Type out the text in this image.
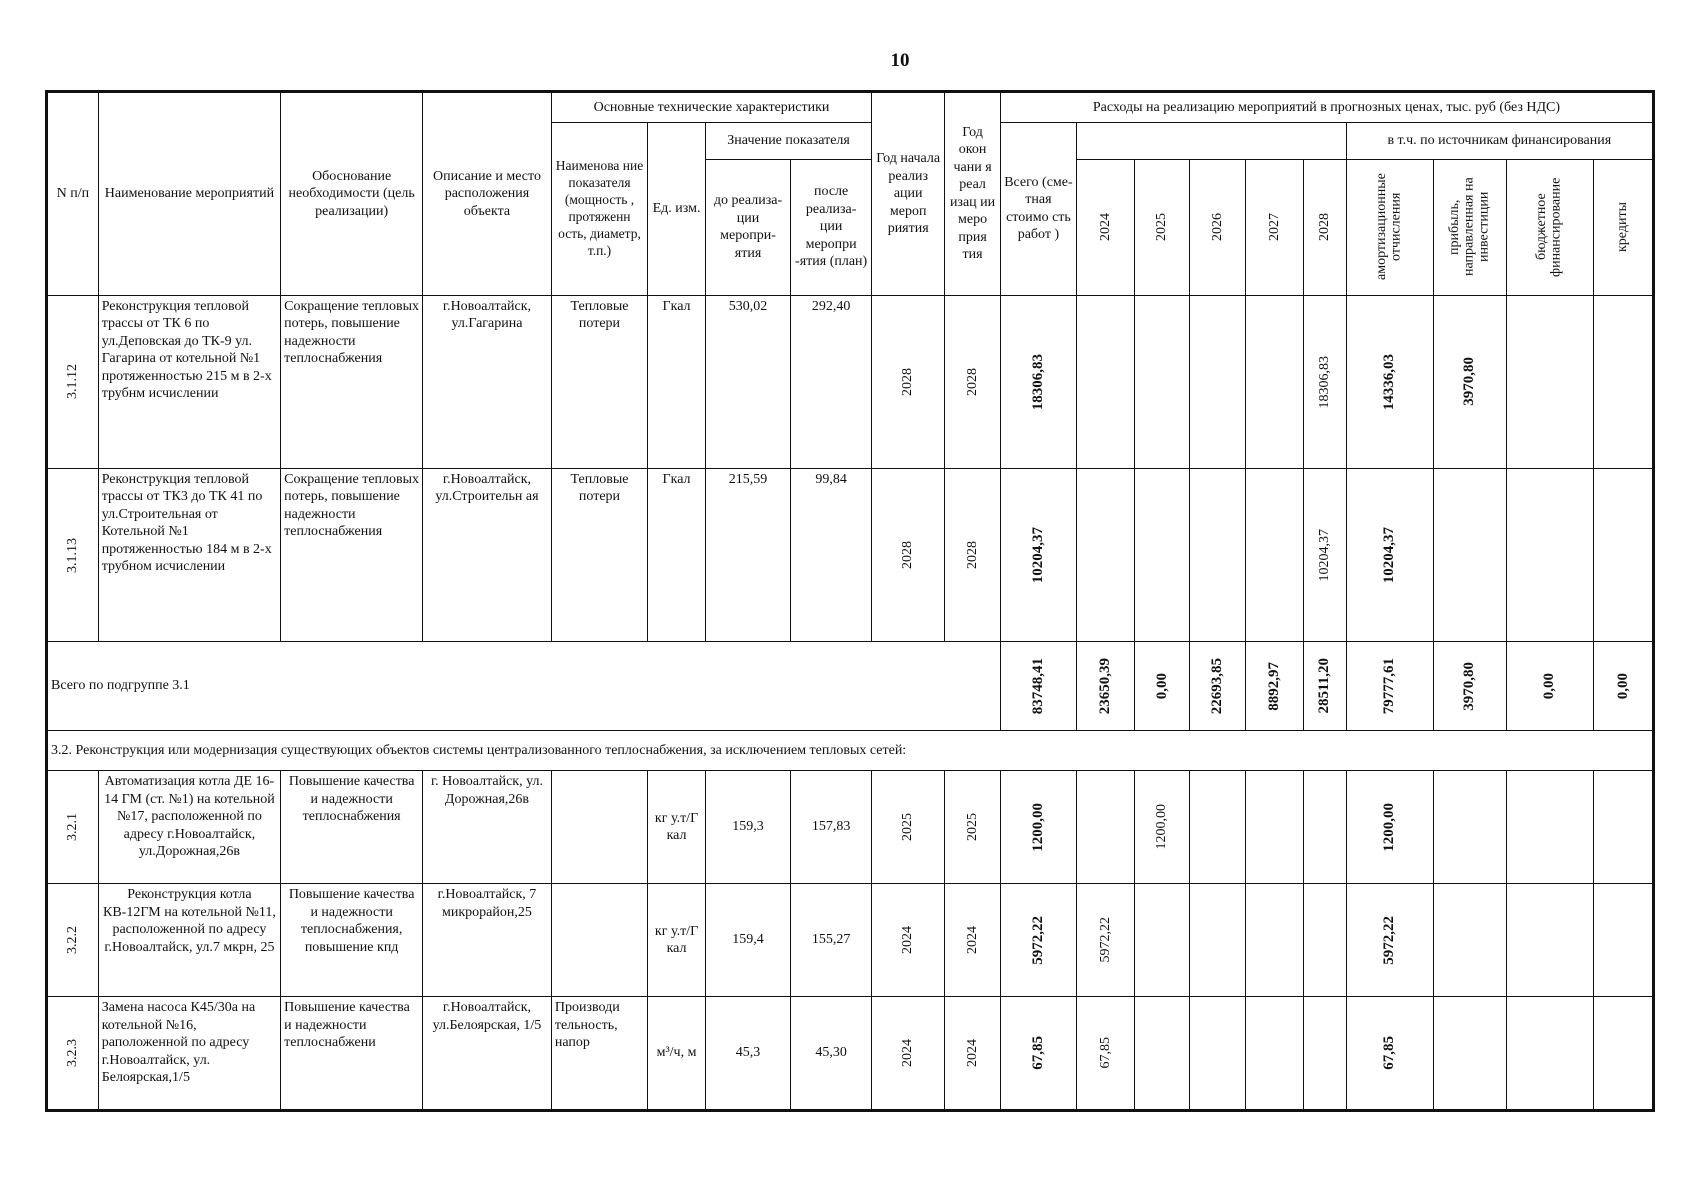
10
N п/п	Наименование мероприятий	Обоснование необходимости (цель реализации)	Описание и место расположения объекта	Основные технические характеристики				Год начала реализ ации мероп риятия	Год окон чани я реал изац ии меро прия тия	Расходы на реализацию мероприятий в прогнозных ценах, тыс. руб (без НДС)									
				Наименова ние показателя (мощность , протяженн ость, диаметр, т.п.)	Ед. изм.	Значение показателя				Всего (сме- тная стоимо сть работ )						в т.ч. по источникам финансирования			
						до реализа- ции меропри- ятия	после реализа- ции меропри -ятия (план)				2024	2025	2026	2027	2028	амортизационные отчисления	прибыль, направленная на инвестиции	бюджетное финансирование	кредиты

3.1.12	Реконструкция тепловой трассы от ТК 6 по ул.Деповская до ТК-9 ул. Гагарина от котельной №1 протяженностью 215 м в 2-х трубнм исчислении	Сокращение тепловых потерь, повышение надежности теплоснабжения	г.Новоалтайск, ул.Гагарина	Тепловые потери	Гкал	530,02	292,40	2028	2028	18306,83					18306,83	14336,03	3970,80		

3.1.13	Реконструкция тепловой трассы от ТК3 до ТК 41 по ул.Строительная от Котельной №1 протяженностью 184 м в 2-х трубном исчислении	Сокращение тепловых потерь, повышение надежности теплоснабжения	г.Новоалтайск, ул.Строительн ая	Тепловые потери	Гкал	215,59	99,84	2028	2028	10204,37					10204,37	10204,37			

Всего по подгруппе 3.1										83748,41	23650,39	0,00	22693,85	8892,97	28511,20	79777,61	3970,80	0,00	0,00

3.2. Реконструкция или модернизация существующих объектов системы централизованного теплоснабжения, за исключением тепловых сетей:																			

3.2.1	Автоматизация котла ДЕ 16-14 ГМ (ст. №1) на котельной №17, расположенной по адресу г.Новоалтайск, ул.Дорожная,26в	Повышение качества и надежности теплоснабжения	г. Новоалтайск, ул. Дорожная,26в		кг у.т/Г кал	159,3	157,83	2025	2025	1200,00		1200,00				1200,00			

3.2.2	Реконструкция котла КВ-12ГМ на котельной №11, расположенной по адресу г.Новоалтайск, ул.7 мкрн, 25	Повышение качества и надежности теплоснабжения, повышение кпд	г.Новоалтайск, 7 микрорайон,25		кг у.т/Г кал	159,4	155,27	2024	2024	5972,22	5972,22					5972,22			

3.2.3	Замена насоса К45/30а на котельной №16, раположенной по адресу г.Новоалтайск, ул. Белоярская,1/5	Повышение качества и надежности теплоснабжени	г.Новоалтайск, ул.Белоярская, 1/5	Производи тельность, напор	м³/ч, м	45,3	45,30	2024	2024	67,85	67,85					67,85			
